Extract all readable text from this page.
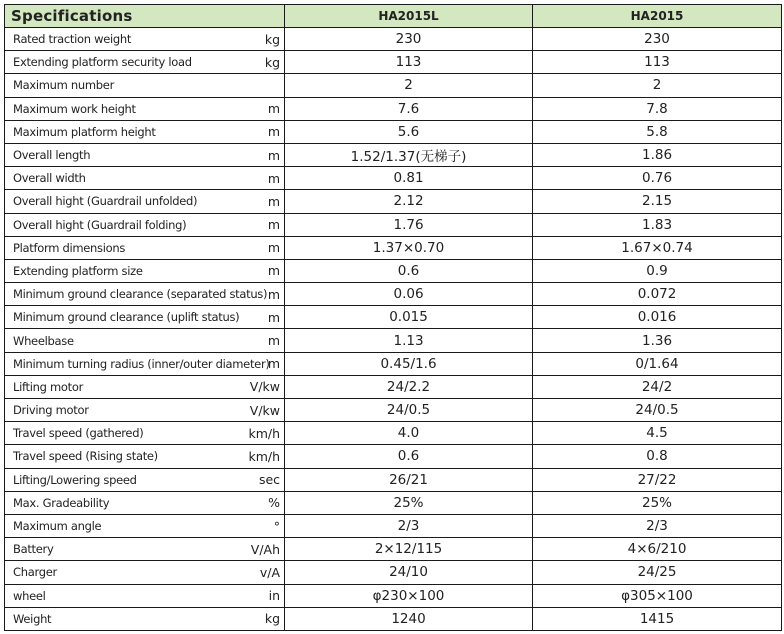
Specifications		HA2015L	HA2015
Rated traction weight	kg	230	230
Extending platform security load	kg	113	113
Maximum number		2	2
Maximum work height	m	7.6	7.8
Maximum platform height	m	5.6	5.8
Overall length	m	1.52/1.37(无梯子)	1.86
Overall width	m	0.81	0.76
Overall hight (Guardrail unfolded)	m	2.12	2.15
Overall hight (Guardrail folding)	m	1.76	1.83
Platform dimensions	m	1.37×0.70	1.67×0.74
Extending platform size	m	0.6	0.9
Minimum ground clearance (separated status)	m	0.06	0.072
Minimum ground clearance (uplift status)	m	0.015	0.016
Wheelbase	m	1.13	1.36
Minimum turning radius (inner/outer diameter)	m	0.45/1.6	0/1.64
Lifting motor	V/kw	24/2.2	24/2
Driving motor	V/kw	24/0.5	24/0.5
Travel speed (gathered)	km/h	4.0	4.5
Travel speed (Rising state)	km/h	0.6	0.8
Lifting/Lowering speed	sec	26/21	27/22
Max. Gradeability	%	25%	25%
Maximum angle	°	2/3	2/3
Battery	V/Ah	2×12/115	4×6/210
Charger	v/A	24/10	24/25
wheel	in	φ230×100	φ305×100
Weight	kg	1240	1415
